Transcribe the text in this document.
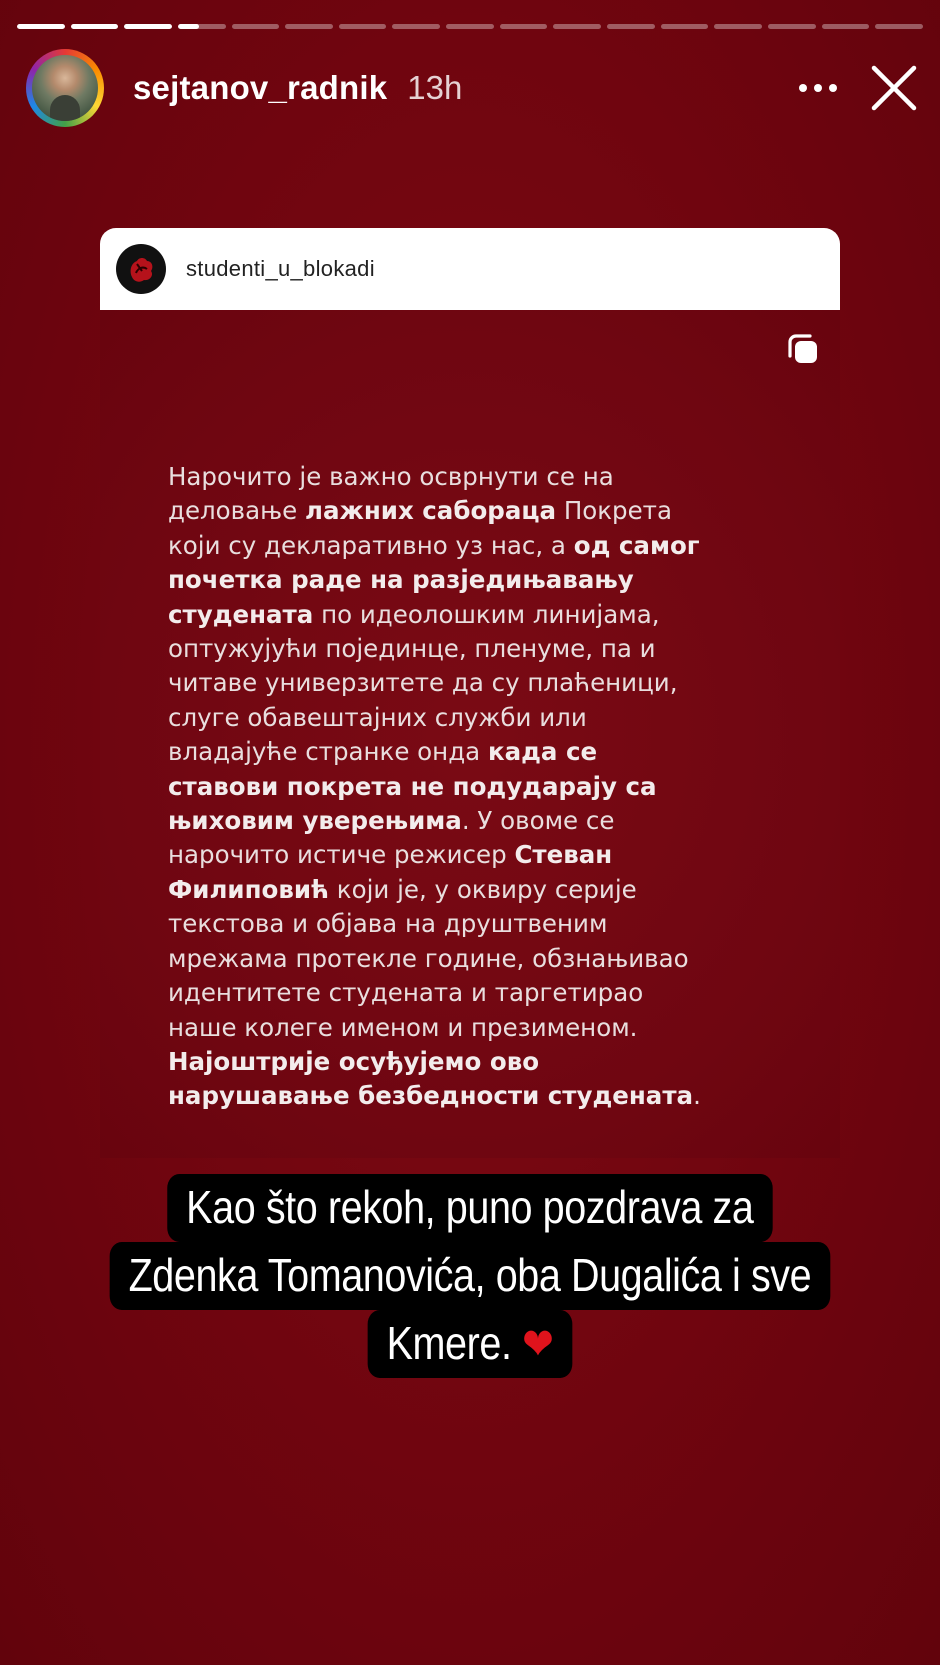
sejtanov_radnik 13h
studenti_u_blokadi
Нарочито је важно осврнути се на
деловање лажних сабораца Покрета
који су декларативно уз нас, а од самог
почетка раде на разједињавању
студената по идеолошким линијама,
оптужујући појединце, пленуме, па и
читаве универзитете да су плаћеници,
слуге обавештајних служби или
владајуће странке онда када се
ставови покрета не подударају са
њиховим уверењима. У овоме се
нарочито истиче режисер Стеван
Филиповић који је, у оквиру серије
текстова и објава на друштвеним
мрежама протекле године, обзнањивао
идентитете студената и таргетирао
наше колеге именом и презименом.
Најоштрије осуђујемо ово
нарушавање безбедности студената.
Kao što rekoh, puno pozdrava za
Zdenka Tomanovića, oba Dugalića i sve
Kmere. ❤
